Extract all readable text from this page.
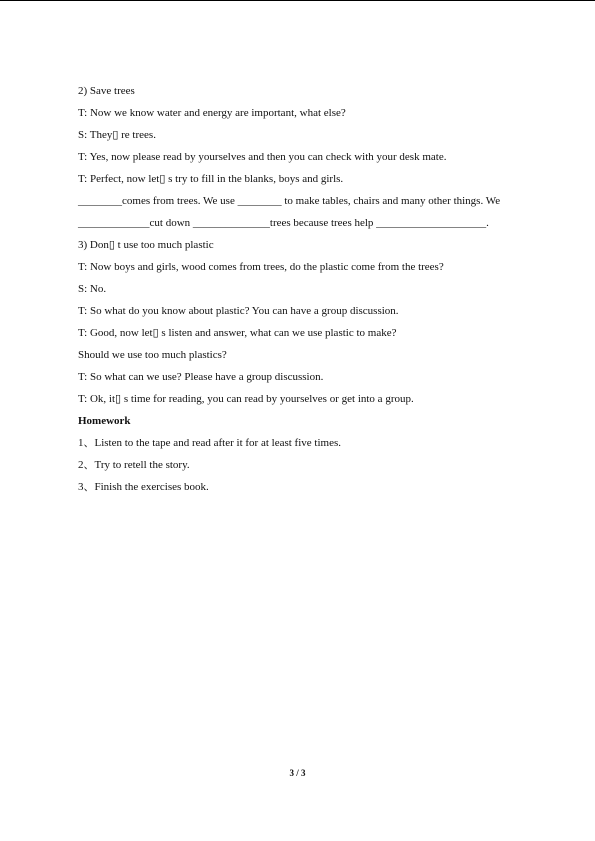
2) Save trees
T: Now we know water and energy are important, what else?
S: They▯ re trees.
T: Yes, now please read by yourselves and then you can check with your desk mate.
T: Perfect, now let▯ s try to fill in the blanks, boys and girls.
________comes from trees. We use ________ to make tables, chairs and many other things. We
_____________cut down ______________trees because trees help ____________________.
3) Don▯ t use too much plastic
T: Now boys and girls, wood comes from trees, do the plastic come from the trees?
S: No.
T: So what do you know about plastic? You can have a group discussion.
T: Good, now let▯ s listen and answer, what can we use plastic to make?
Should we use too much plastics?
T: So what can we use? Please have a group discussion.
T: Ok, it▯ s time for reading, you can read by yourselves or get into a group.
Homework
1、Listen to the tape and read after it for at least five times.
2、Try to retell the story.
3、Finish the exercises book.
3 / 3
